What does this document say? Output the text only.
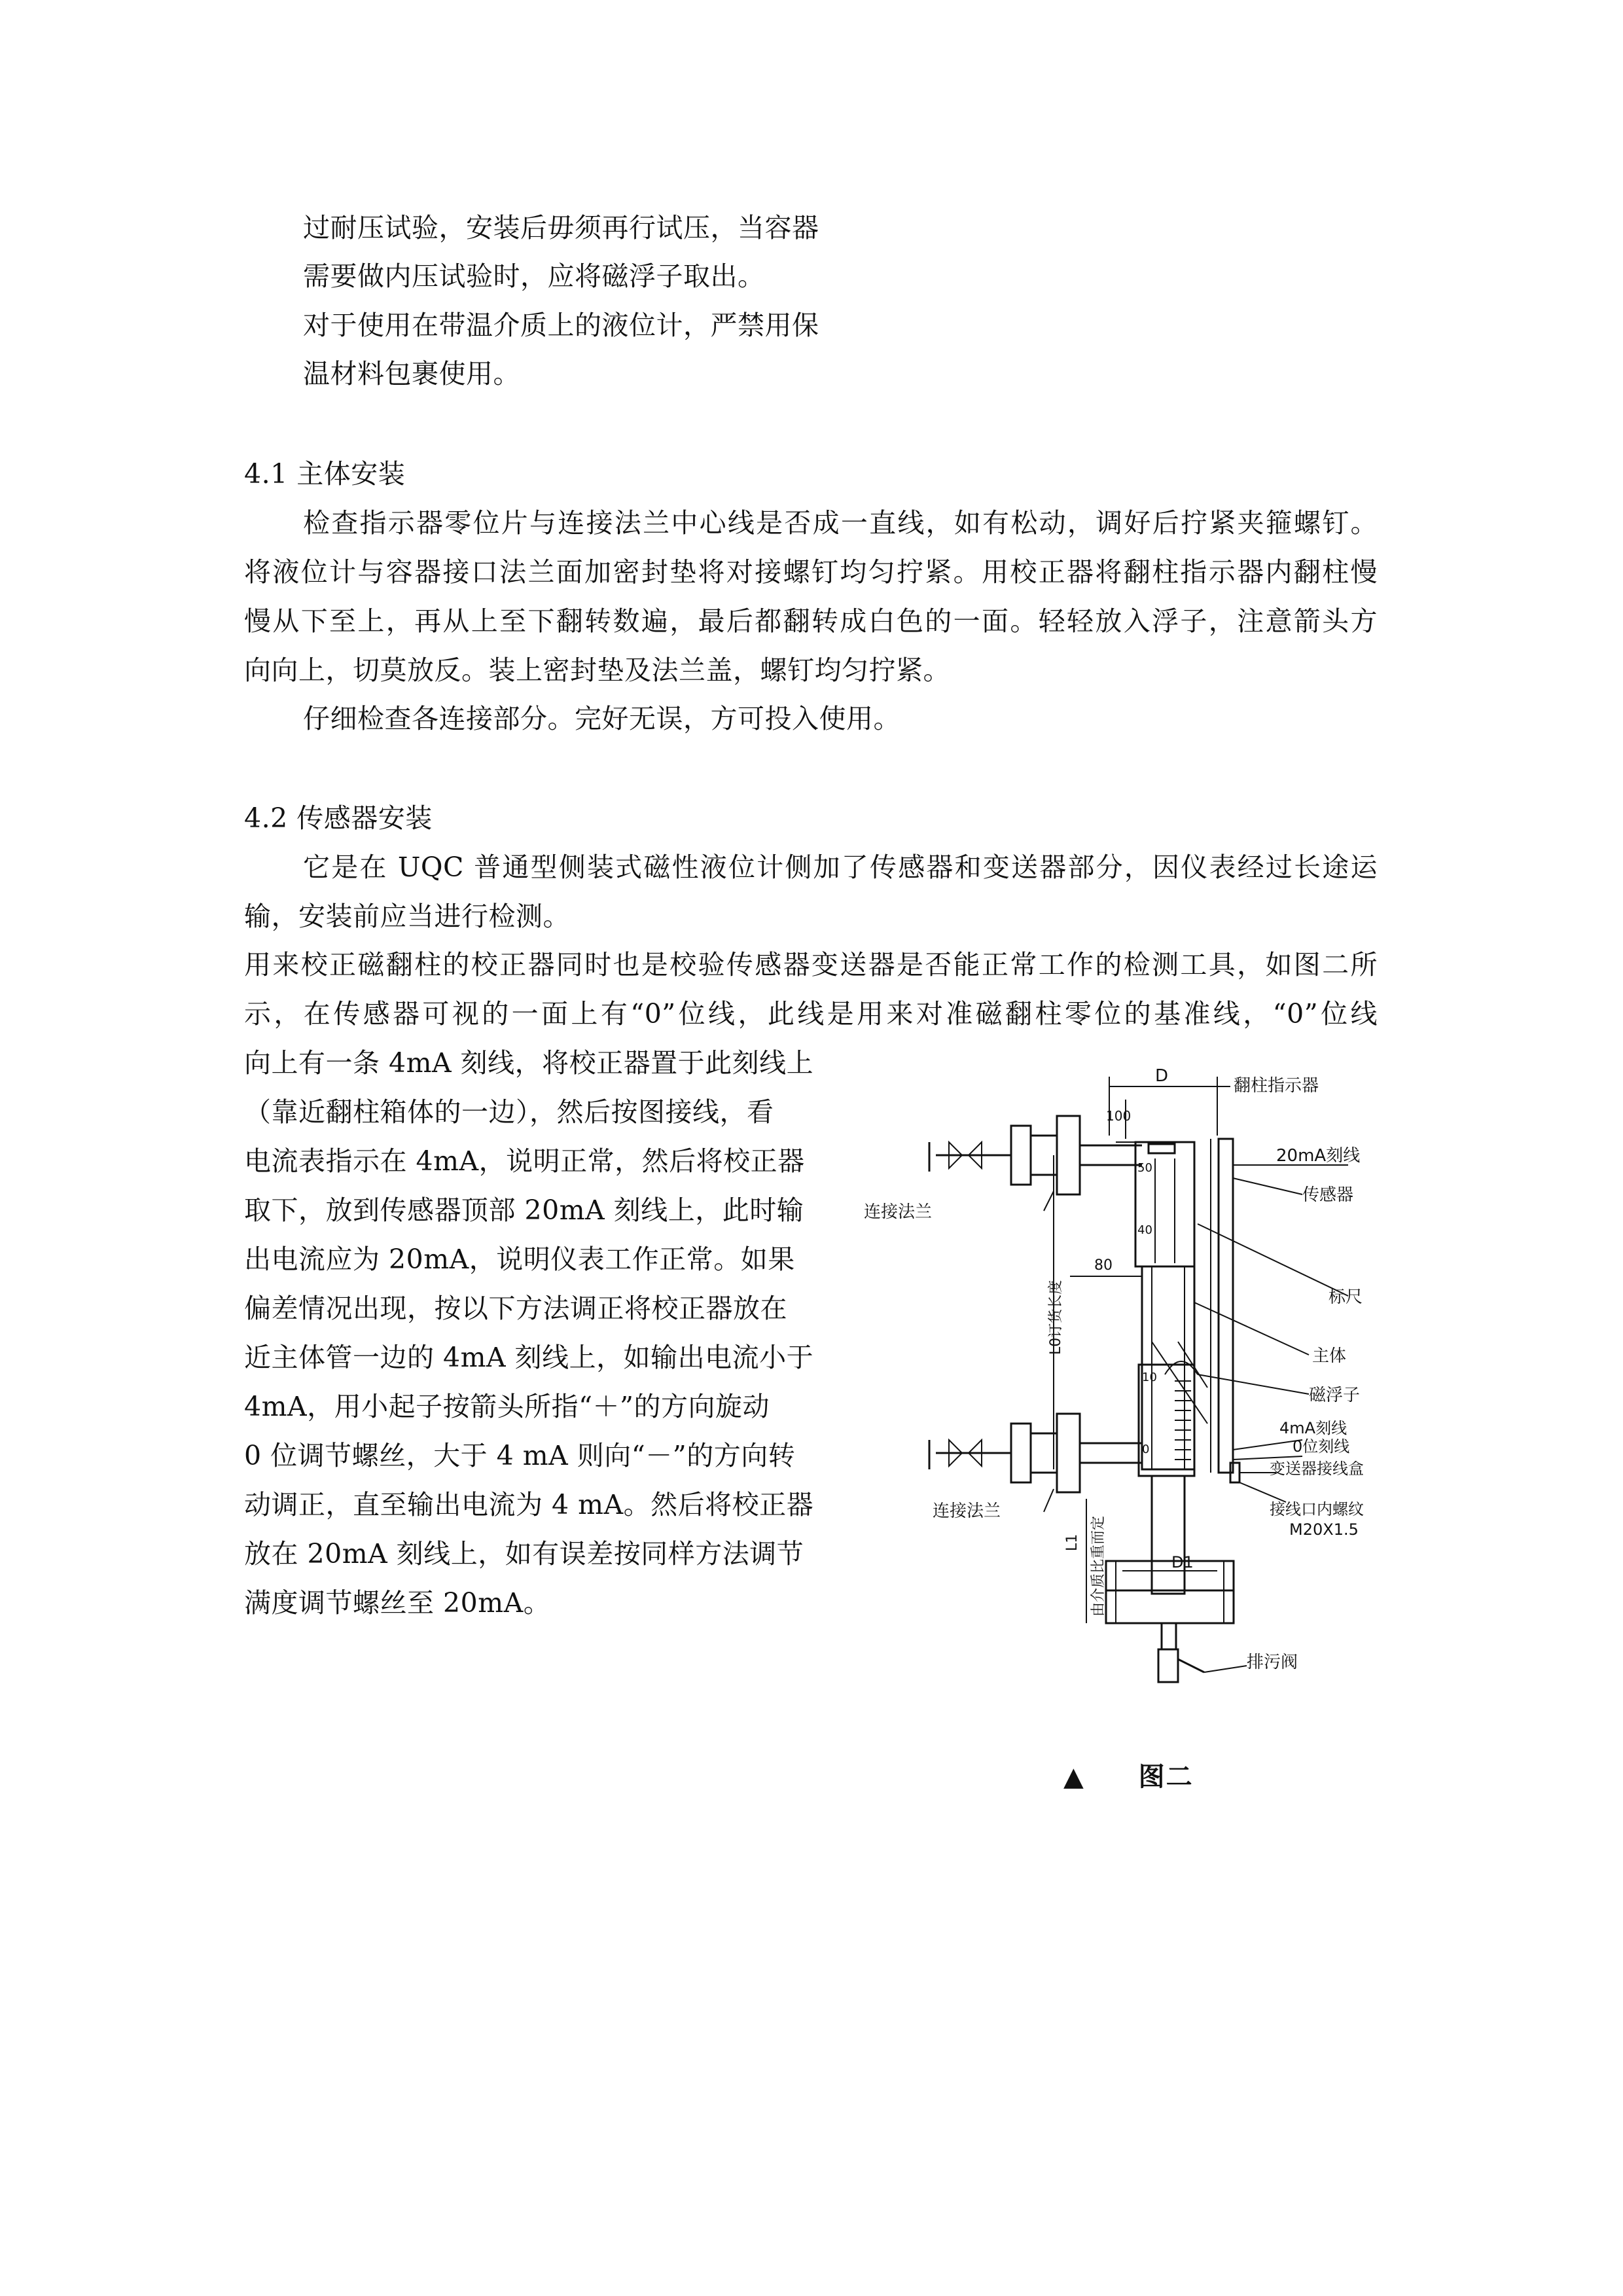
过耐压试验，安装后毋须再行试压，当容器
需要做内压试验时，应将磁浮子取出。
对于使用在带温介质上的液位计，严禁用保
温材料包裹使用。
4.1 主体安装
检查指示器零位片与连接法兰中心线是否成一直线，如有松动，调好后拧紧夹箍螺钉。
将液位计与容器接口法兰面加密封垫将对接螺钉均匀拧紧。用校正器将翻柱指示器内翻柱慢
慢从下至上，再从上至下翻转数遍，最后都翻转成白色的一面。轻轻放入浮子，注意箭头方
向向上，切莫放反。装上密封垫及法兰盖，螺钉均匀拧紧。
仔细检查各连接部分。完好无误，方可投入使用。
4.2 传感器安装
它是在 UQC 普通型侧装式磁性液位计侧加了传感器和变送器部分，因仪表经过长途运
输，安装前应当进行检测。
用来校正磁翻柱的校正器同时也是校验传感器变送器是否能正常工作的检测工具，如图二所
示，在传感器可视的一面上有“0”位线，此线是用来对准磁翻柱零位的基准线，“0”位线
向上有一条 4mA 刻线，将校正器置于此刻线上
（靠近翻柱箱体的一边），然后按图接线，看
电流表指示在 4mA，说明正常，然后将校正器
取下，放到传感器顶部 20mA 刻线上，此时输
出电流应为 20mA，说明仪表工作正常。如果
偏差情况出现，按以下方法调正将校正器放在
近主体管一边的 4mA 刻线上，如输出电流小于
4mA，用小起子按箭头所指“＋”的方向旋动
0 位调节螺丝，大于 4 mA 则向“－”的方向转
动调正，直至输出电流为 4 mA。然后将校正器
放在 20mA 刻线上，如有误差按同样方法调节
满度调节螺丝至 20mA。
翻柱指示器
D
100
20mA刻线
传感器
连接法兰
50
40
80
标尺
主体
磁浮子
10
0
4mA刻线
0位刻线
变送器接线盒
连接法兰	接线口内螺纹
M20X1.5
D1
排污阀
L0订货长度
L1 由介质比重而定
▲ 图二
